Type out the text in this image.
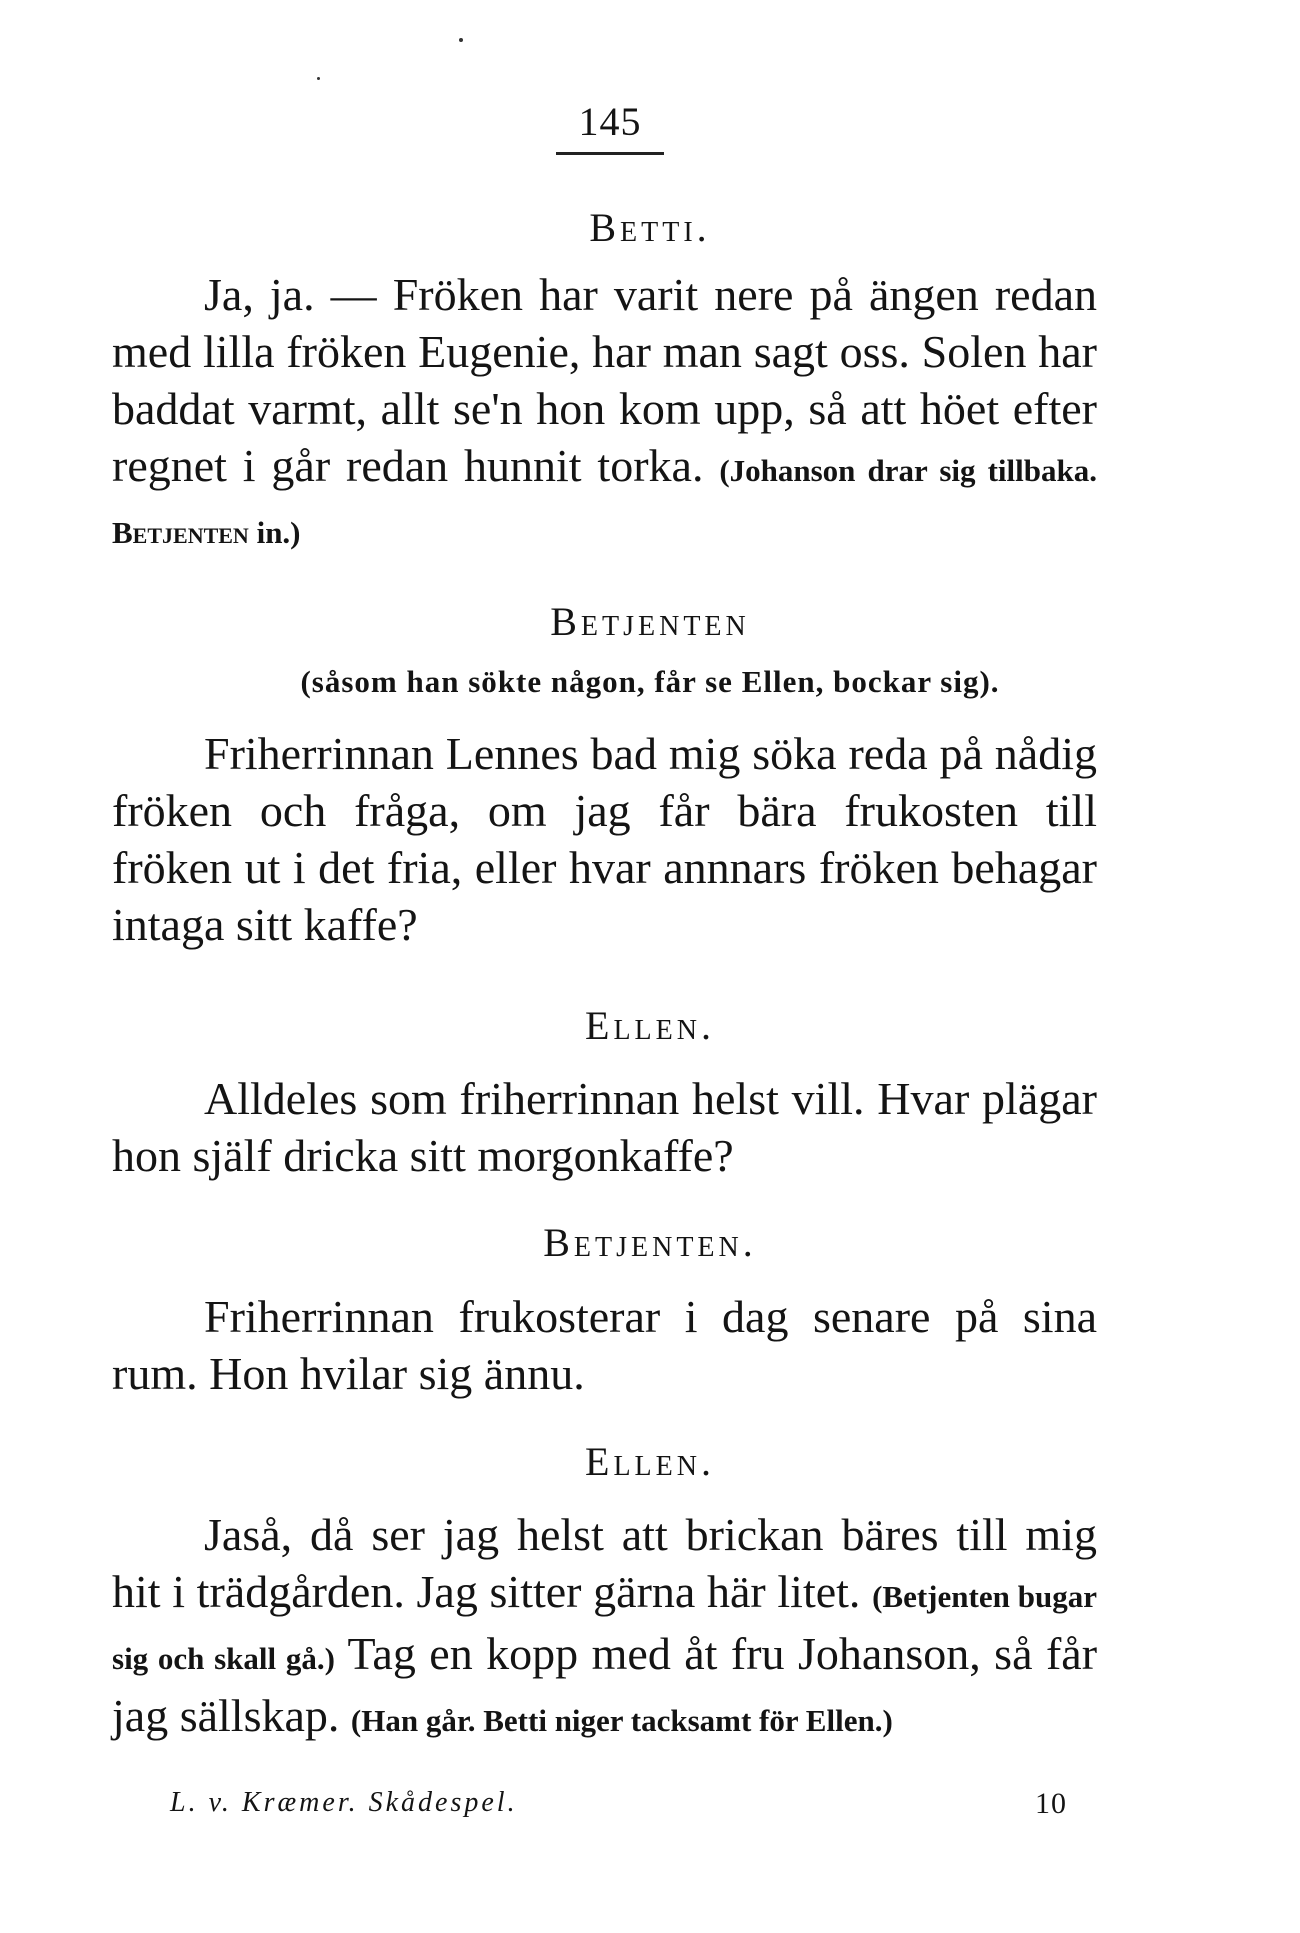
145
Betti.

Ja, ja. — Fröken har varit nere på ängen redan med lilla fröken Eugenie, har man sagt oss. Solen har baddat varmt, allt se'n hon kom upp, så att höet efter regnet i går redan hunnit torka. (Johanson drar sig tillbaka. Betjenten in.)

Betjenten
(såsom han sökte någon, får se Ellen, bockar sig).

Friherrinnan Lennes bad mig söka reda på nådig fröken och fråga, om jag får bära frukosten till fröken ut i det fria, eller hvar annnars fröken behagar intaga sitt kaffe?

Ellen.

Alldeles som friherrinnan helst vill. Hvar plägar hon själf dricka sitt morgonkaffe?

Betjenten.

Friherrinnan frukosterar i dag senare på sina rum. Hon hvilar sig ännu.

Ellen.

Jaså, då ser jag helst att brickan bäres till mig hit i trädgården. Jag sitter gärna här litet. (Betjenten bugar sig och skall gå.) Tag en kopp med åt fru Johanson, så får jag sällskap. (Han går. Betti niger tacksamt för Ellen.)

L. v. Kræmer. Skådespel.	10
